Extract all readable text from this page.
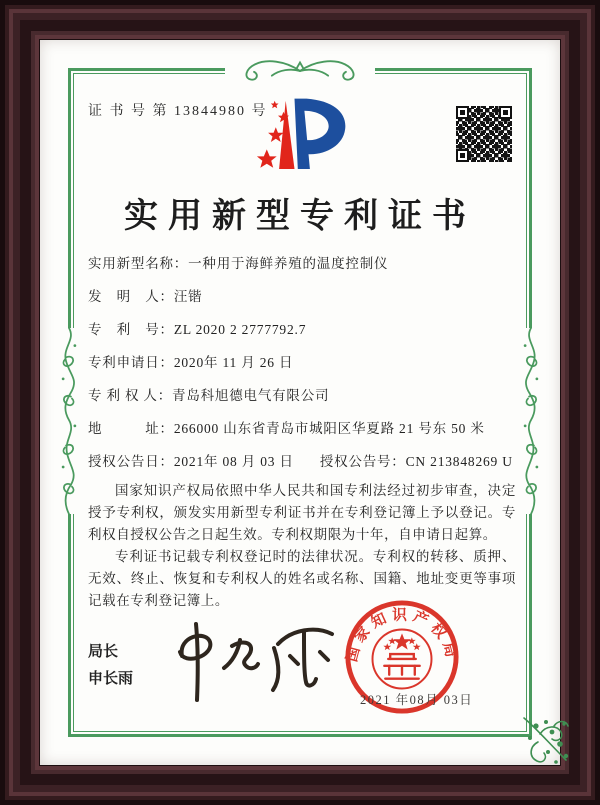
证 书 号 第 13844980 号
实用新型专利证书
实用新型名称： 一种用于海鲜养殖的温度控制仪
发　明　人： 汪锴
专　利　号： ZL 2020 2 2777792.7
专利申请日： 2020年 11 月 26 日
专 利 权 人： 青岛科旭德电气有限公司
地　　　址： 266000 山东省青岛市城阳区华夏路 21 号东 50 米
授权公告日：2021年 08 月 03 日 授权公告号：CN 213848269 U

国家知识产权局依照中华人民共和国专利法经过初步审查，决定授予专利权，颁发实用新型专利证书并在专利登记簿上予以登记。专利权自授权公告之日起生效。专利权期限为十年，自申请日起算。

专利证书记载专利权登记时的法律状况。专利权的转移、质押、无效、终止、恢复和专利权人的姓名或名称、国籍、地址变更等事项记载在专利登记簿上。

局长
申长雨
国家知识产权局
2021 年08月 03日
